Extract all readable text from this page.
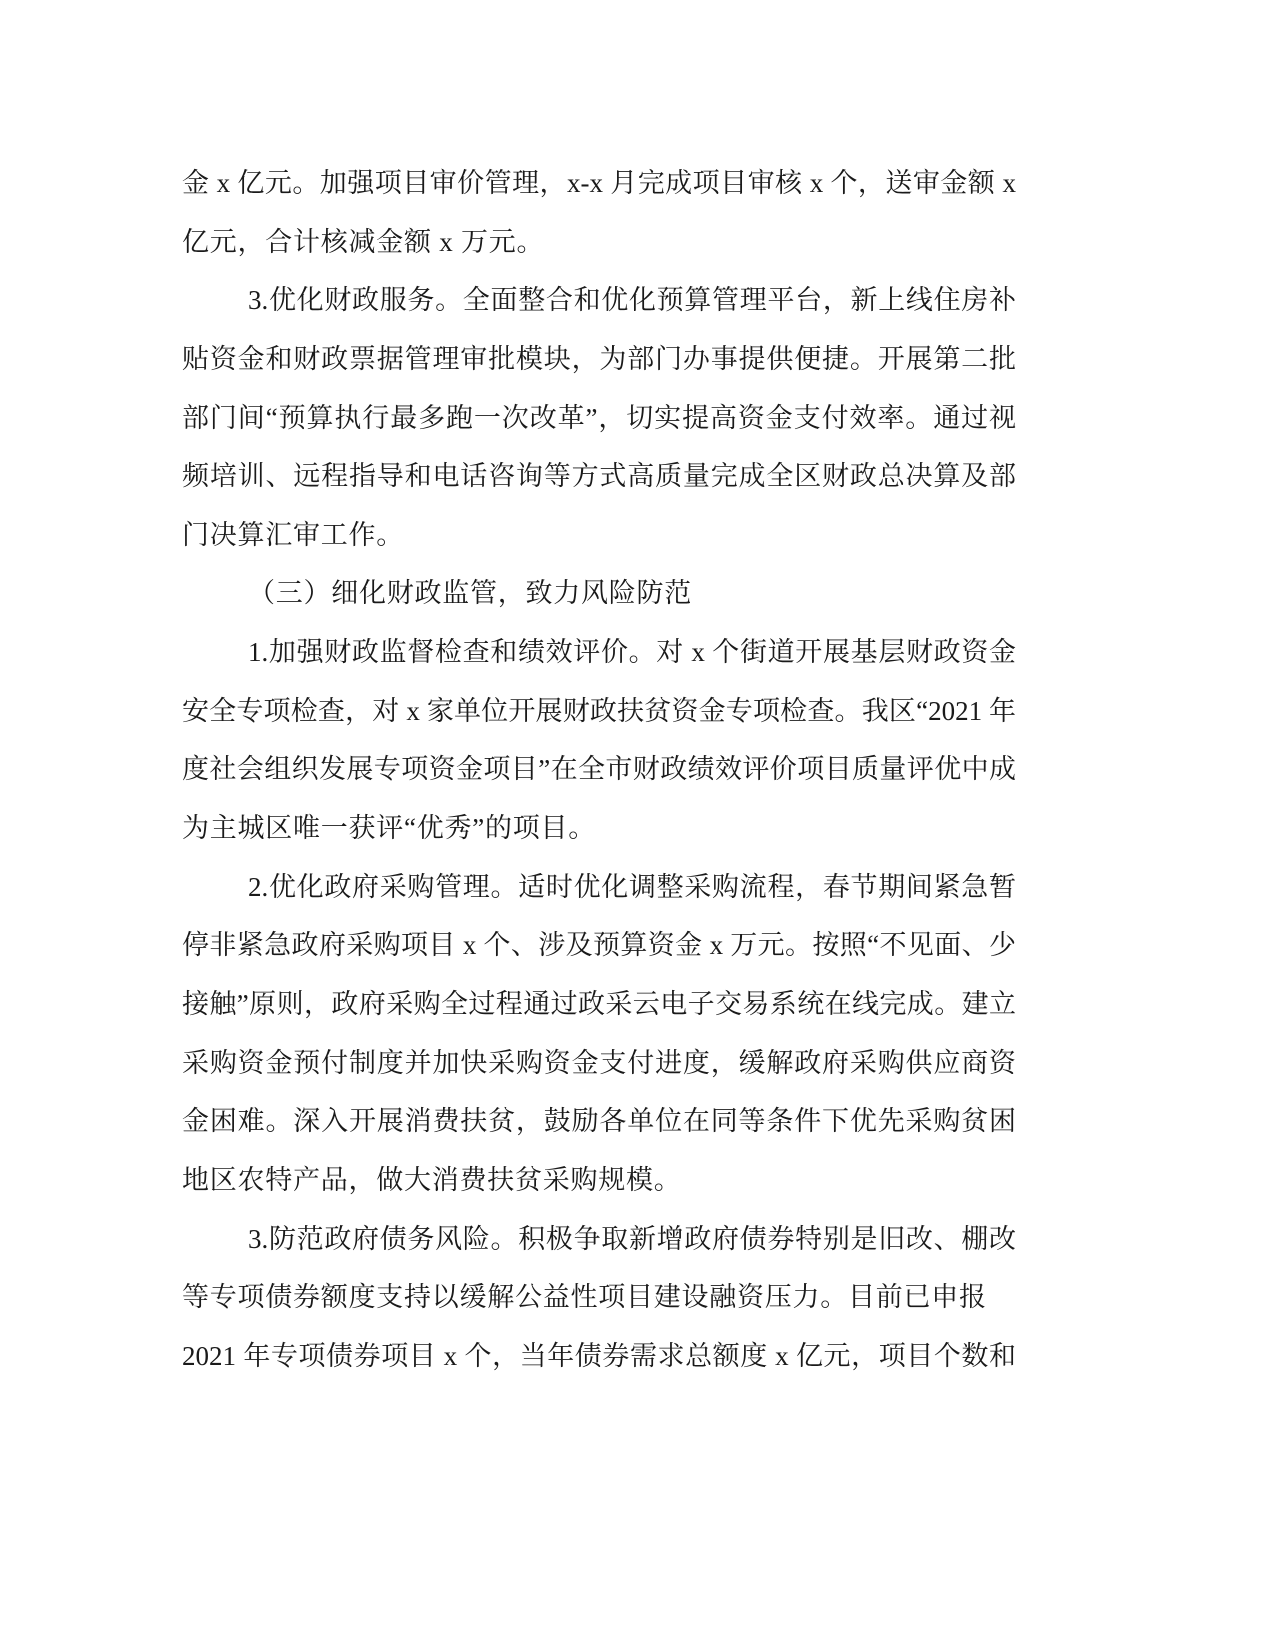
金 x 亿元。加强项目审价管理，x-x 月完成项目审核 x 个，送审金额 x
亿元，合计核减金额 x 万元。
3.优化财政服务。全面整合和优化预算管理平台，新上线住房补
贴资金和财政票据管理审批模块，为部门办事提供便捷。开展第二批
部门间“预算执行最多跑一次改革”，切实提高资金支付效率。通过视
频培训、远程指导和电话咨询等方式高质量完成全区财政总决算及部
门决算汇审工作。
（三）细化财政监管，致力风险防范
1.加强财政监督检查和绩效评价。对 x 个街道开展基层财政资金
安全专项检查，对 x 家单位开展财政扶贫资金专项检查。我区“2021 年
度社会组织发展专项资金项目”在全市财政绩效评价项目质量评优中成
为主城区唯一获评“优秀”的项目。
2.优化政府采购管理。适时优化调整采购流程，春节期间紧急暂
停非紧急政府采购项目 x 个、涉及预算资金 x 万元。按照“不见面、少
接触”原则，政府采购全过程通过政采云电子交易系统在线完成。建立
采购资金预付制度并加快采购资金支付进度，缓解政府采购供应商资
金困难。深入开展消费扶贫，鼓励各单位在同等条件下优先采购贫困
地区农特产品，做大消费扶贫采购规模。
3.防范政府债务风险。积极争取新增政府债券特别是旧改、棚改
等专项债券额度支持以缓解公益性项目建设融资压力。目前已申报
2021 年专项债券项目 x 个，当年债券需求总额度 x 亿元，项目个数和
